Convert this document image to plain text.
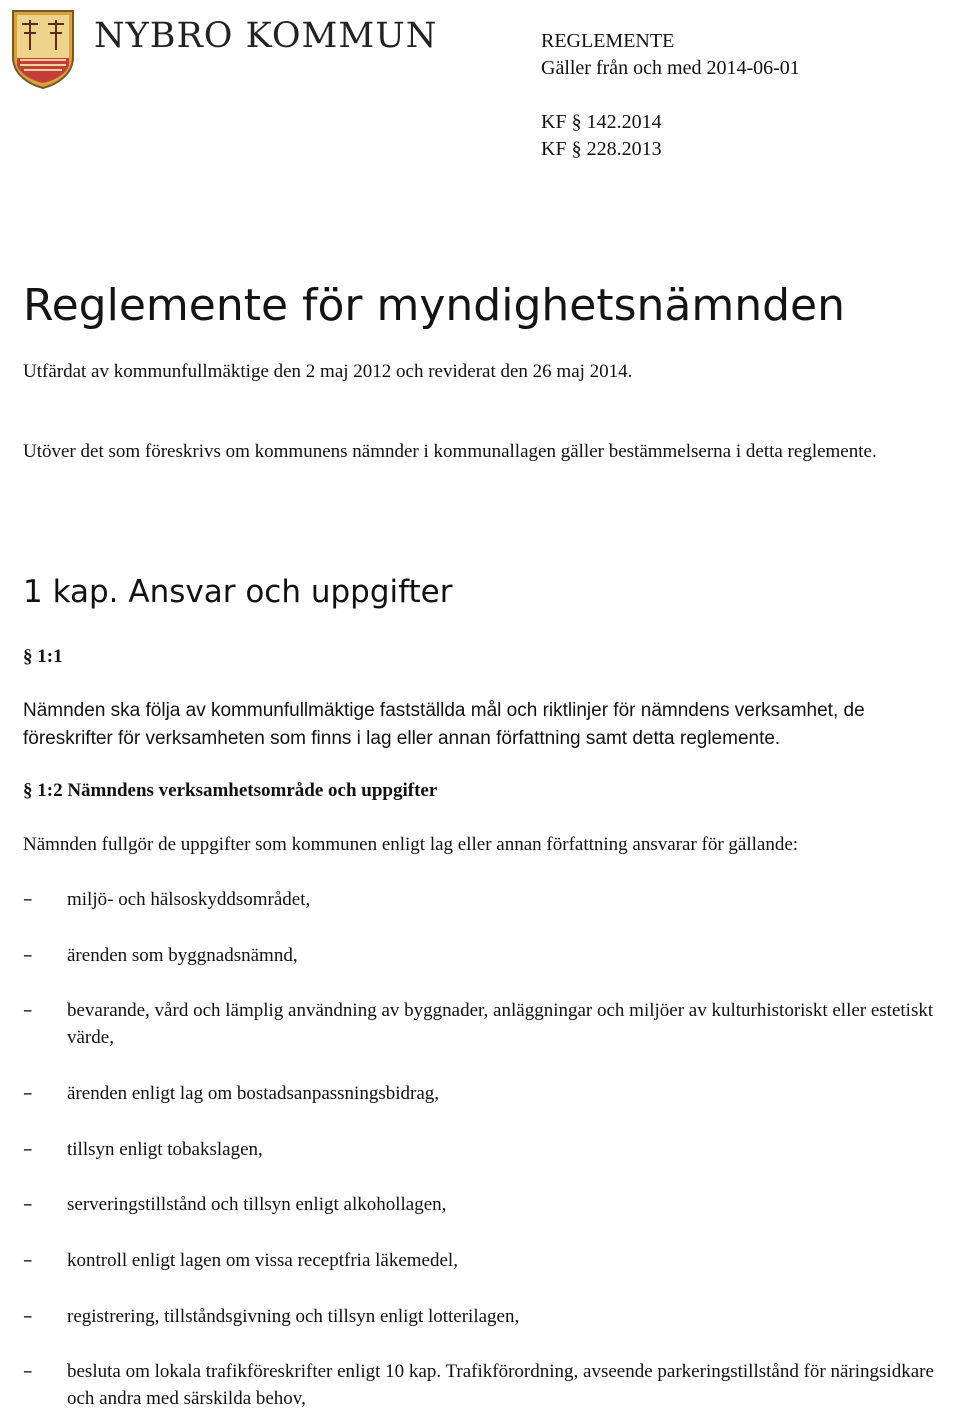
NYBRO KOMMUN	REGLEMENTE
Gäller från och med 2014-06-01
KF § 142.2014
KF § 228.2013
Reglemente för myndighetsnämnden

Utfärdat av kommunfullmäktige den 2 maj 2012 och reviderat den 26 maj 2014.

Utöver det som föreskrivs om kommunens nämnder i kommunallagen gäller bestämmelserna i detta reglemente.

1 kap. Ansvar och uppgifter
§ 1:1

Nämnden ska följa av kommunfullmäktige fastställda mål och riktlinjer för nämndens verksamhet, de föreskrifter för verksamheten som finns i lag eller annan författning samt detta reglemente.

§ 1:2 Nämndens verksamhetsområde och uppgifter

Nämnden fullgör de uppgifter som kommunen enligt lag eller annan författning ansvarar för gällande:

–	miljö- och hälsoskyddsområdet,
–	ärenden som byggnadsnämnd,
–	bevarande, vård och lämplig användning av byggnader, anläggningar och miljöer av kulturhistoriskt eller estetiskt värde,
–	ärenden enligt lag om bostadsanpassningsbidrag,
–	tillsyn enligt tobakslagen,
–	serveringstillstånd och tillsyn enligt alkohollagen,
–	kontroll enligt lagen om vissa receptfria läkemedel,
–	registrering, tillståndsgivning och tillsyn enligt lotterilagen,
–	besluta om lokala trafikföreskrifter enligt 10 kap. Trafikförordning, avseende parkeringstillstånd för näringsidkare och andra med särskilda behov,
